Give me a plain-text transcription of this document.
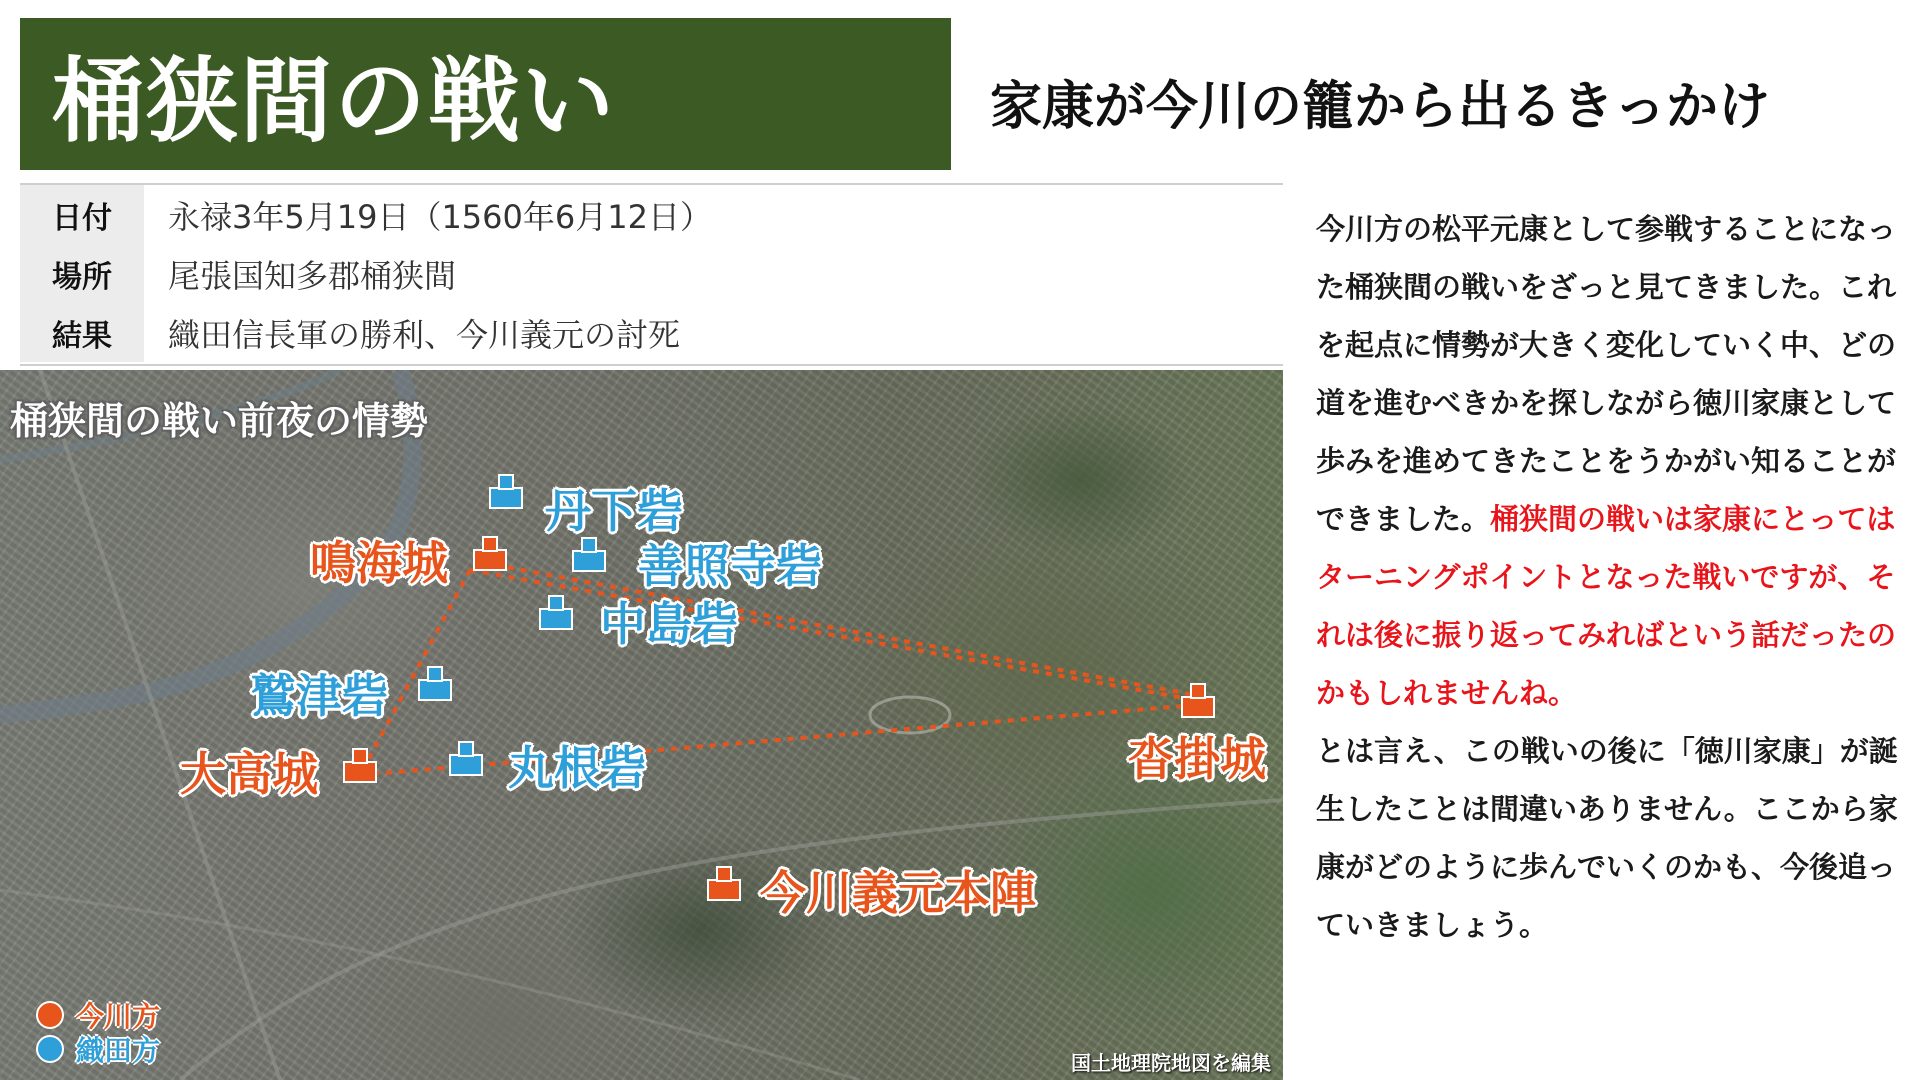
桶狭間の戦い	家康が今川の籠から出るきっかけ
日付	永禄3年5月19日（1560年6月12日）
場所	尾張国知多郡桶狭間
結果	織田信長軍の勝利、今川義元の討死
桶狭間の戦い前夜の情勢
丹下砦
鳴海城	善照寺砦
中島砦
鷲津砦
大高城	丸根砦	沓掛城
今川義元本陣
今川方
織田方	国土地理院地図を編集
今川方の松平元康として参戦することになった桶狭間の戦いをざっと見てきました。これを起点に情勢が大きく変化していく中、どの道を進むべきかを探しながら徳川家康として歩みを進めてきたことをうかがい知ることができました。桶狭間の戦いは家康にとってはターニングポイントとなった戦いですが、それは後に振り返ってみればという話だったのかもしれませんね。
とは言え、この戦いの後に「徳川家康」が誕生したことは間違いありません。ここから家康がどのように歩んでいくのかも、今後追っていきましょう。
